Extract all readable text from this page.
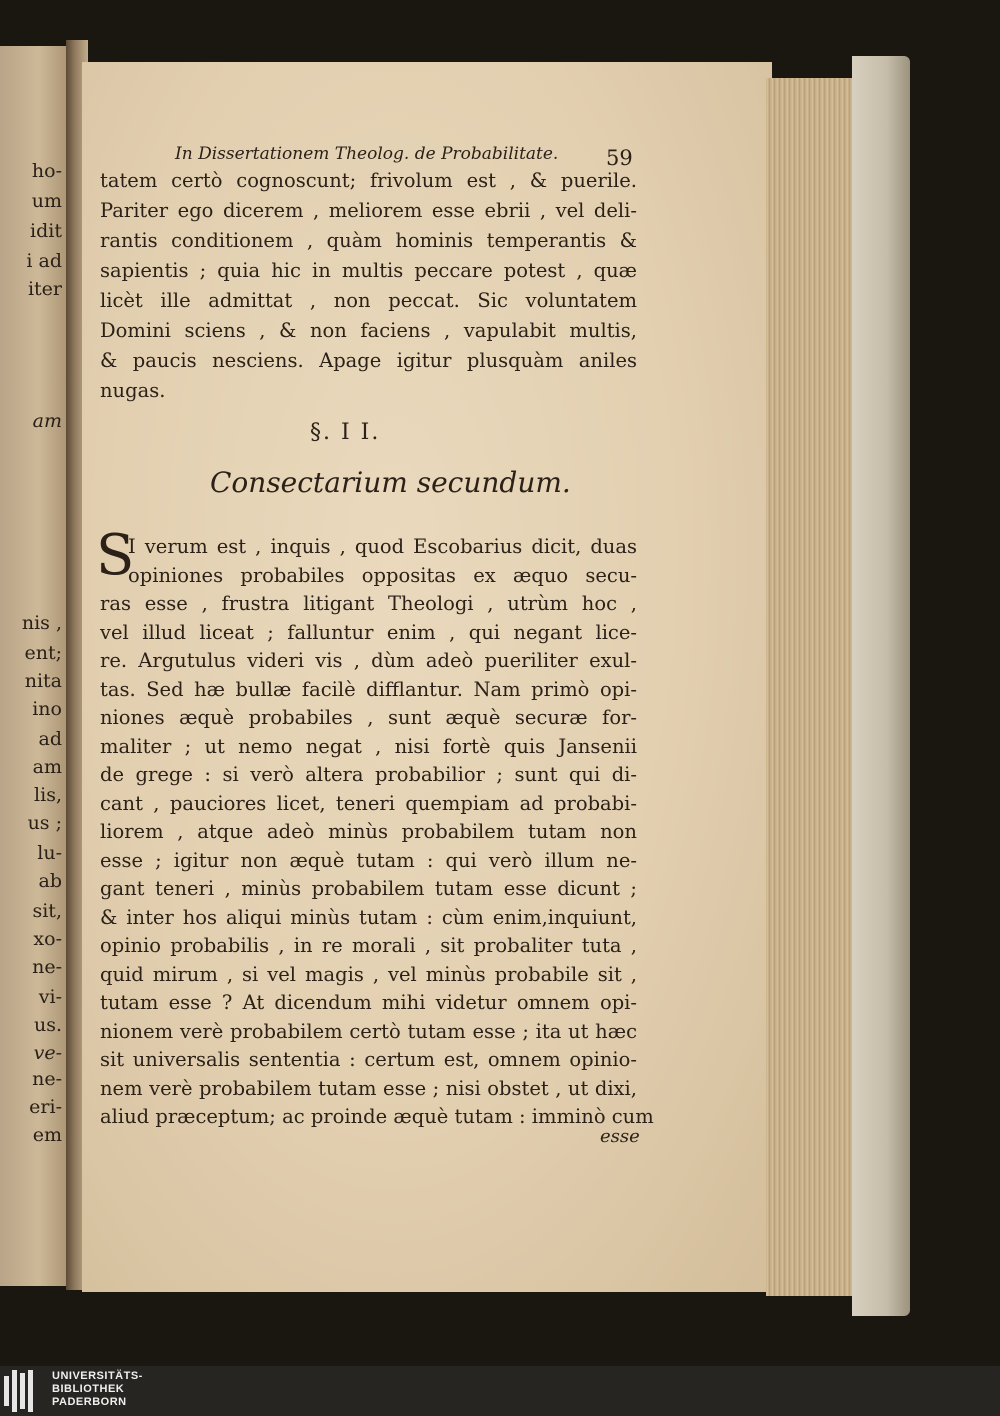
ho-
um
idit
i ad
iter
am
nis ,
ent;
nita
ino
ad
am
lis,
us ;
lu-
ab
sit,
xo-
ne-
vi-
us.
ve-
ne-
eri-
em
In Dissertationem Theolog. de Probabilitate. 59
§. I I.
Consectarium secundum.
S
esse
tatem certò cognoscunt; frivolum est , & puerile.
Pariter ego dicerem , meliorem esse ebrii , vel deli-
rantis conditionem , quàm hominis temperantis &
sapientis ; quia hic in multis peccare potest , quæ
licèt ille admittat , non peccat. Sic voluntatem
Domini sciens , & non faciens , vapulabit multis,
& paucis nesciens. Apage igitur plusquàm aniles
nugas.
I verum est , inquis , quod Escobarius dicit, duas
opiniones probabiles oppositas ex æquo secu-
ras esse , frustra litigant Theologi , utrùm hoc ,
vel illud liceat ; falluntur enim , qui negant lice-
re. Argutulus videri vis , dùm adeò pueriliter exul-
tas. Sed hæ bullæ facilè difflantur. Nam primò opi-
niones æquè probabiles , sunt æquè securæ for-
maliter ; ut nemo negat , nisi fortè quis Jansenii
de grege : si verò altera probabilior ; sunt qui di-
cant , pauciores licet, teneri quempiam ad probabi-
liorem , atque adeò minùs probabilem tutam non
esse ; igitur non æquè tutam : qui verò illum ne-
gant teneri , minùs probabilem tutam esse dicunt ;
& inter hos aliqui minùs tutam : cùm enim,inquiunt,
opinio probabilis , in re morali , sit probaliter tuta ,
quid mirum , si vel magis , vel minùs probabile sit ,
tutam esse ? At dicendum mihi videtur omnem opi-
nionem verè probabilem certò tutam esse ; ita ut hæc
sit universalis sententia : certum est, omnem opinio-
nem verè probabilem tutam esse ; nisi obstet , ut dixi,
aliud præceptum; ac proinde æquè tutam : imminò cum
UNIVERSITÄTS-
BIBLIOTHEK
PADERBORN
